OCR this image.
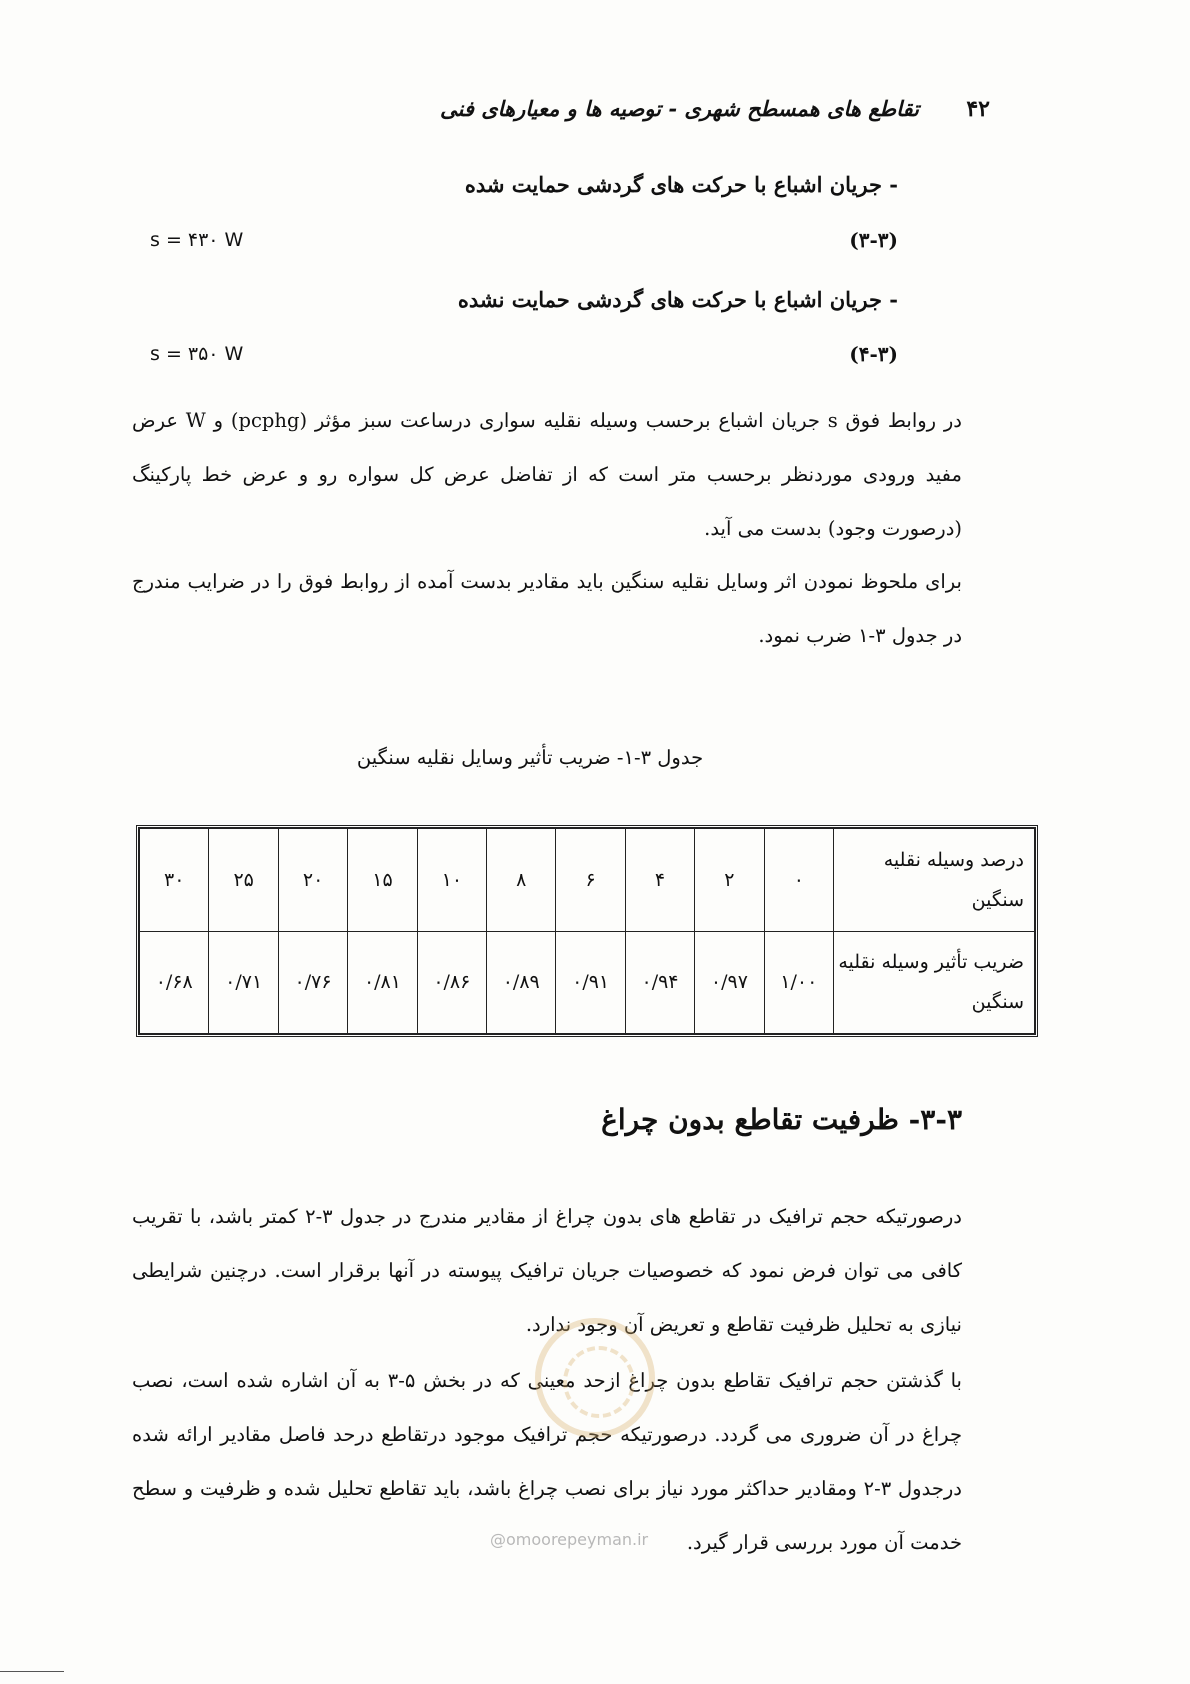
۴۲
تقاطع های همسطح شهری - توصیه ها و معیارهای فنی
- جریان اشباع با حرکت های گردشی حمایت شده
(۳-۳)
s = ۴۳۰ W
- جریان اشباع با حرکت های گردشی حمایت نشده
(۴-۳)
s = ۳۵۰ W

در روابط فوق s جریان اشباع برحسب وسیله نقلیه سواری درساعت سبز مؤثر (pcphg) و W عرض مفید ورودی موردنظر برحسب متر است که از تفاضل عرض کل سواره رو و عرض خط پارکینگ (درصورت وجود) بدست می آید.

برای ملحوظ نمودن اثر وسایل نقلیه سنگین باید مقادیر بدست آمده از روابط فوق را در ضرایب مندرج در جدول ۳-۱ ضرب نمود.

جدول ۳-۱- ضریب تأثیر وسایل نقلیه سنگین
درصد وسیله نقلیه سنگین	۰	۲	۴	۶	۸	۱۰	۱۵	۲۰	۲۵	۳۰
ضریب تأثیر وسیله نقلیه سنگین	۱/۰۰	۰/۹۷	۰/۹۴	۰/۹۱	۰/۸۹	۰/۸۶	۰/۸۱	۰/۷۶	۰/۷۱	۰/۶۸
۳-۳- ظرفیت تقاطع بدون چراغ

درصورتیکه حجم ترافیک در تقاطع های بدون چراغ از مقادیر مندرج در جدول ۳-۲ کمتر باشد، با تقریب کافی می توان فرض نمود که خصوصیات جریان ترافیک پیوسته در آنها برقرار است. درچنین شرایطی نیازی به تحلیل ظرفیت تقاطع و تعریض آن وجود ندارد.

با گذشتن حجم ترافیک تقاطع بدون چراغ ازحد معینی که در بخش ۵-۳ به آن اشاره شده است، نصب چراغ در آن ضروری می گردد. درصورتیکه حجم ترافیک موجود درتقاطع درحد فاصل مقادیر ارائه شده درجدول ۳-۲ ومقادیر حداکثر مورد نیاز برای نصب چراغ باشد، باید تقاطع تحلیل شده و ظرفیت و سطح خدمت آن مورد بررسی قرار گیرد.

@omoorepeyman.ir
